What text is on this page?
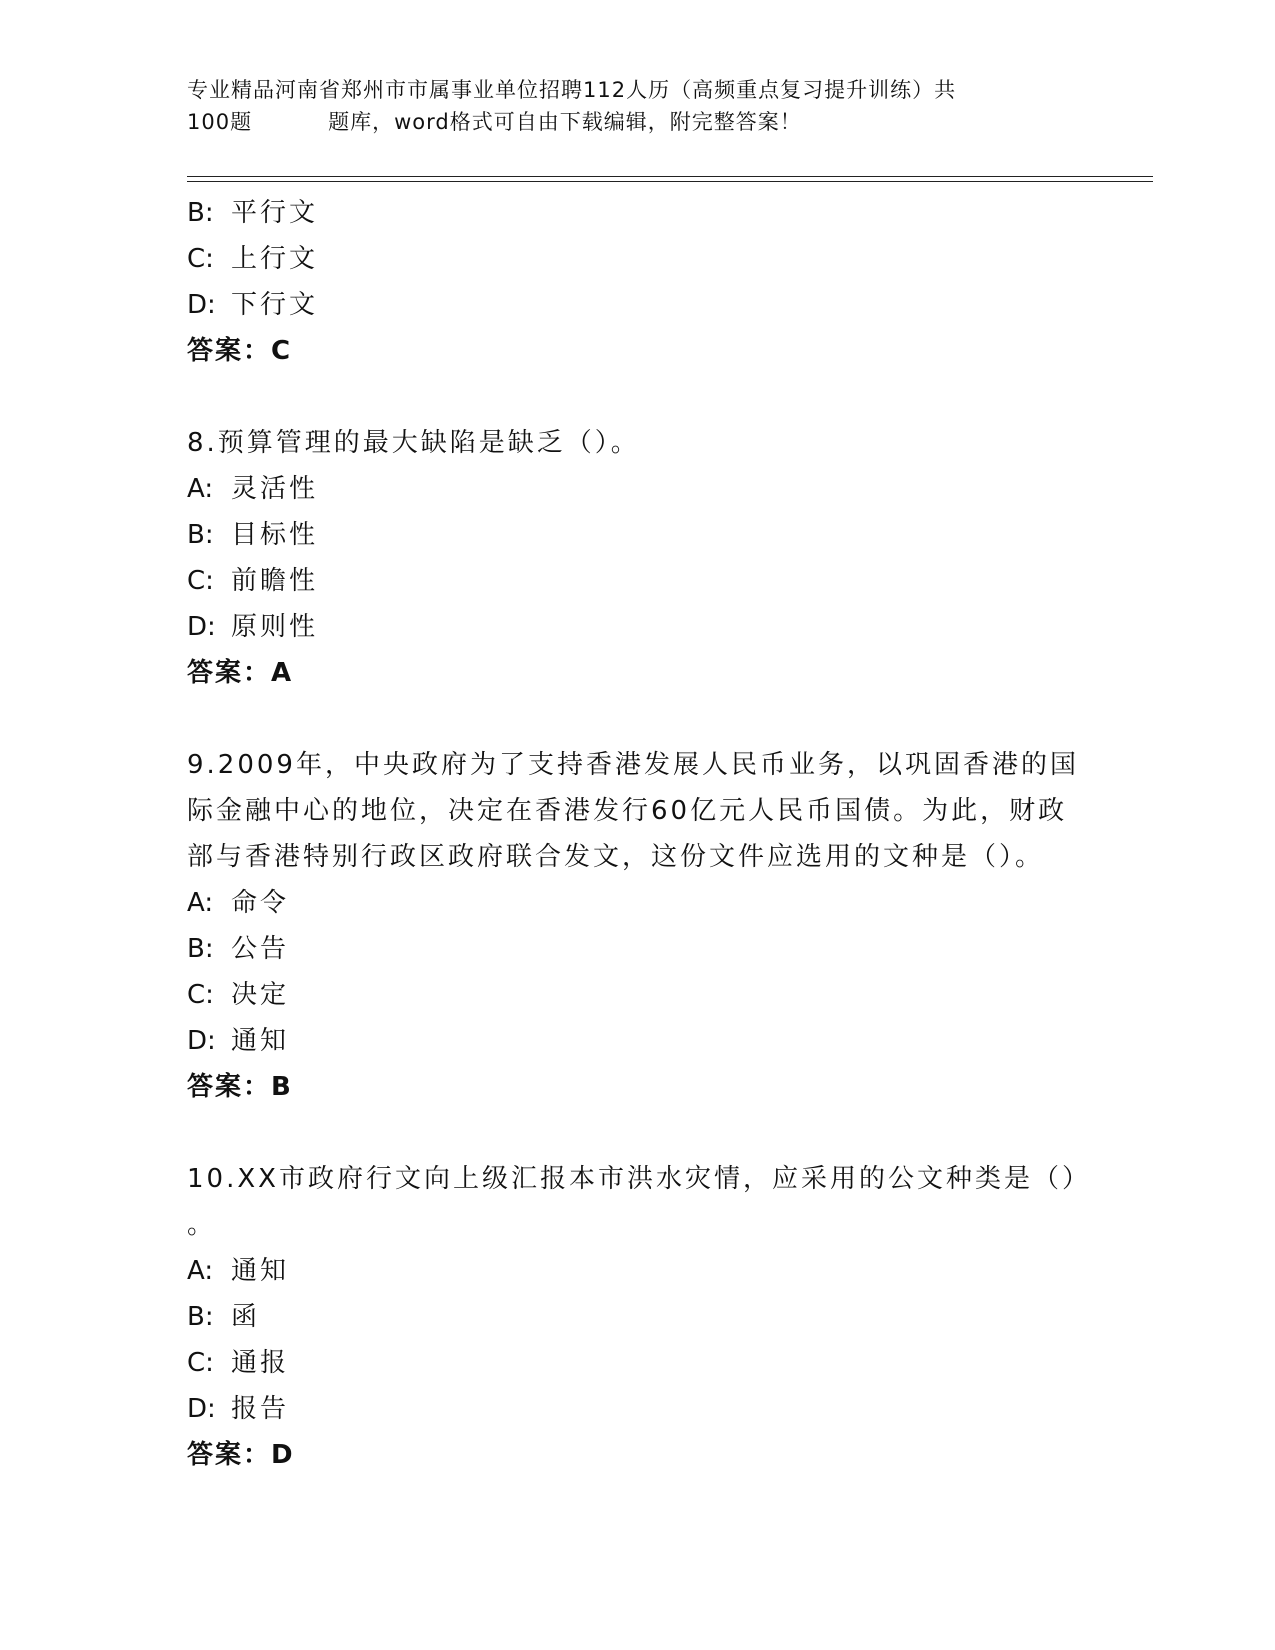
专业精品河南省郑州市市属事业单位招聘112人历（高频重点复习提升训练）共
100题	题库，word格式可自由下载编辑，附完整答案！
B: 平行文
C: 上行文
D: 下行文
答案：C
8.预算管理的最大缺陷是缺乏（）。
A: 灵活性
B: 目标性
C: 前瞻性
D: 原则性
答案：A
9.2009年，中央政府为了支持香港发展人民币业务，以巩固香港的国
际金融中心的地位，决定在香港发行60亿元人民币国债。为此，财政
部与香港特别行政区政府联合发文，这份文件应选用的文种是（）。
A: 命令
B: 公告
C: 决定
D: 通知
答案：B
10.XX市政府行文向上级汇报本市洪水灾情，应采用的公文种类是（）
。
A: 通知
B: 函
C: 通报
D: 报告
答案：D
